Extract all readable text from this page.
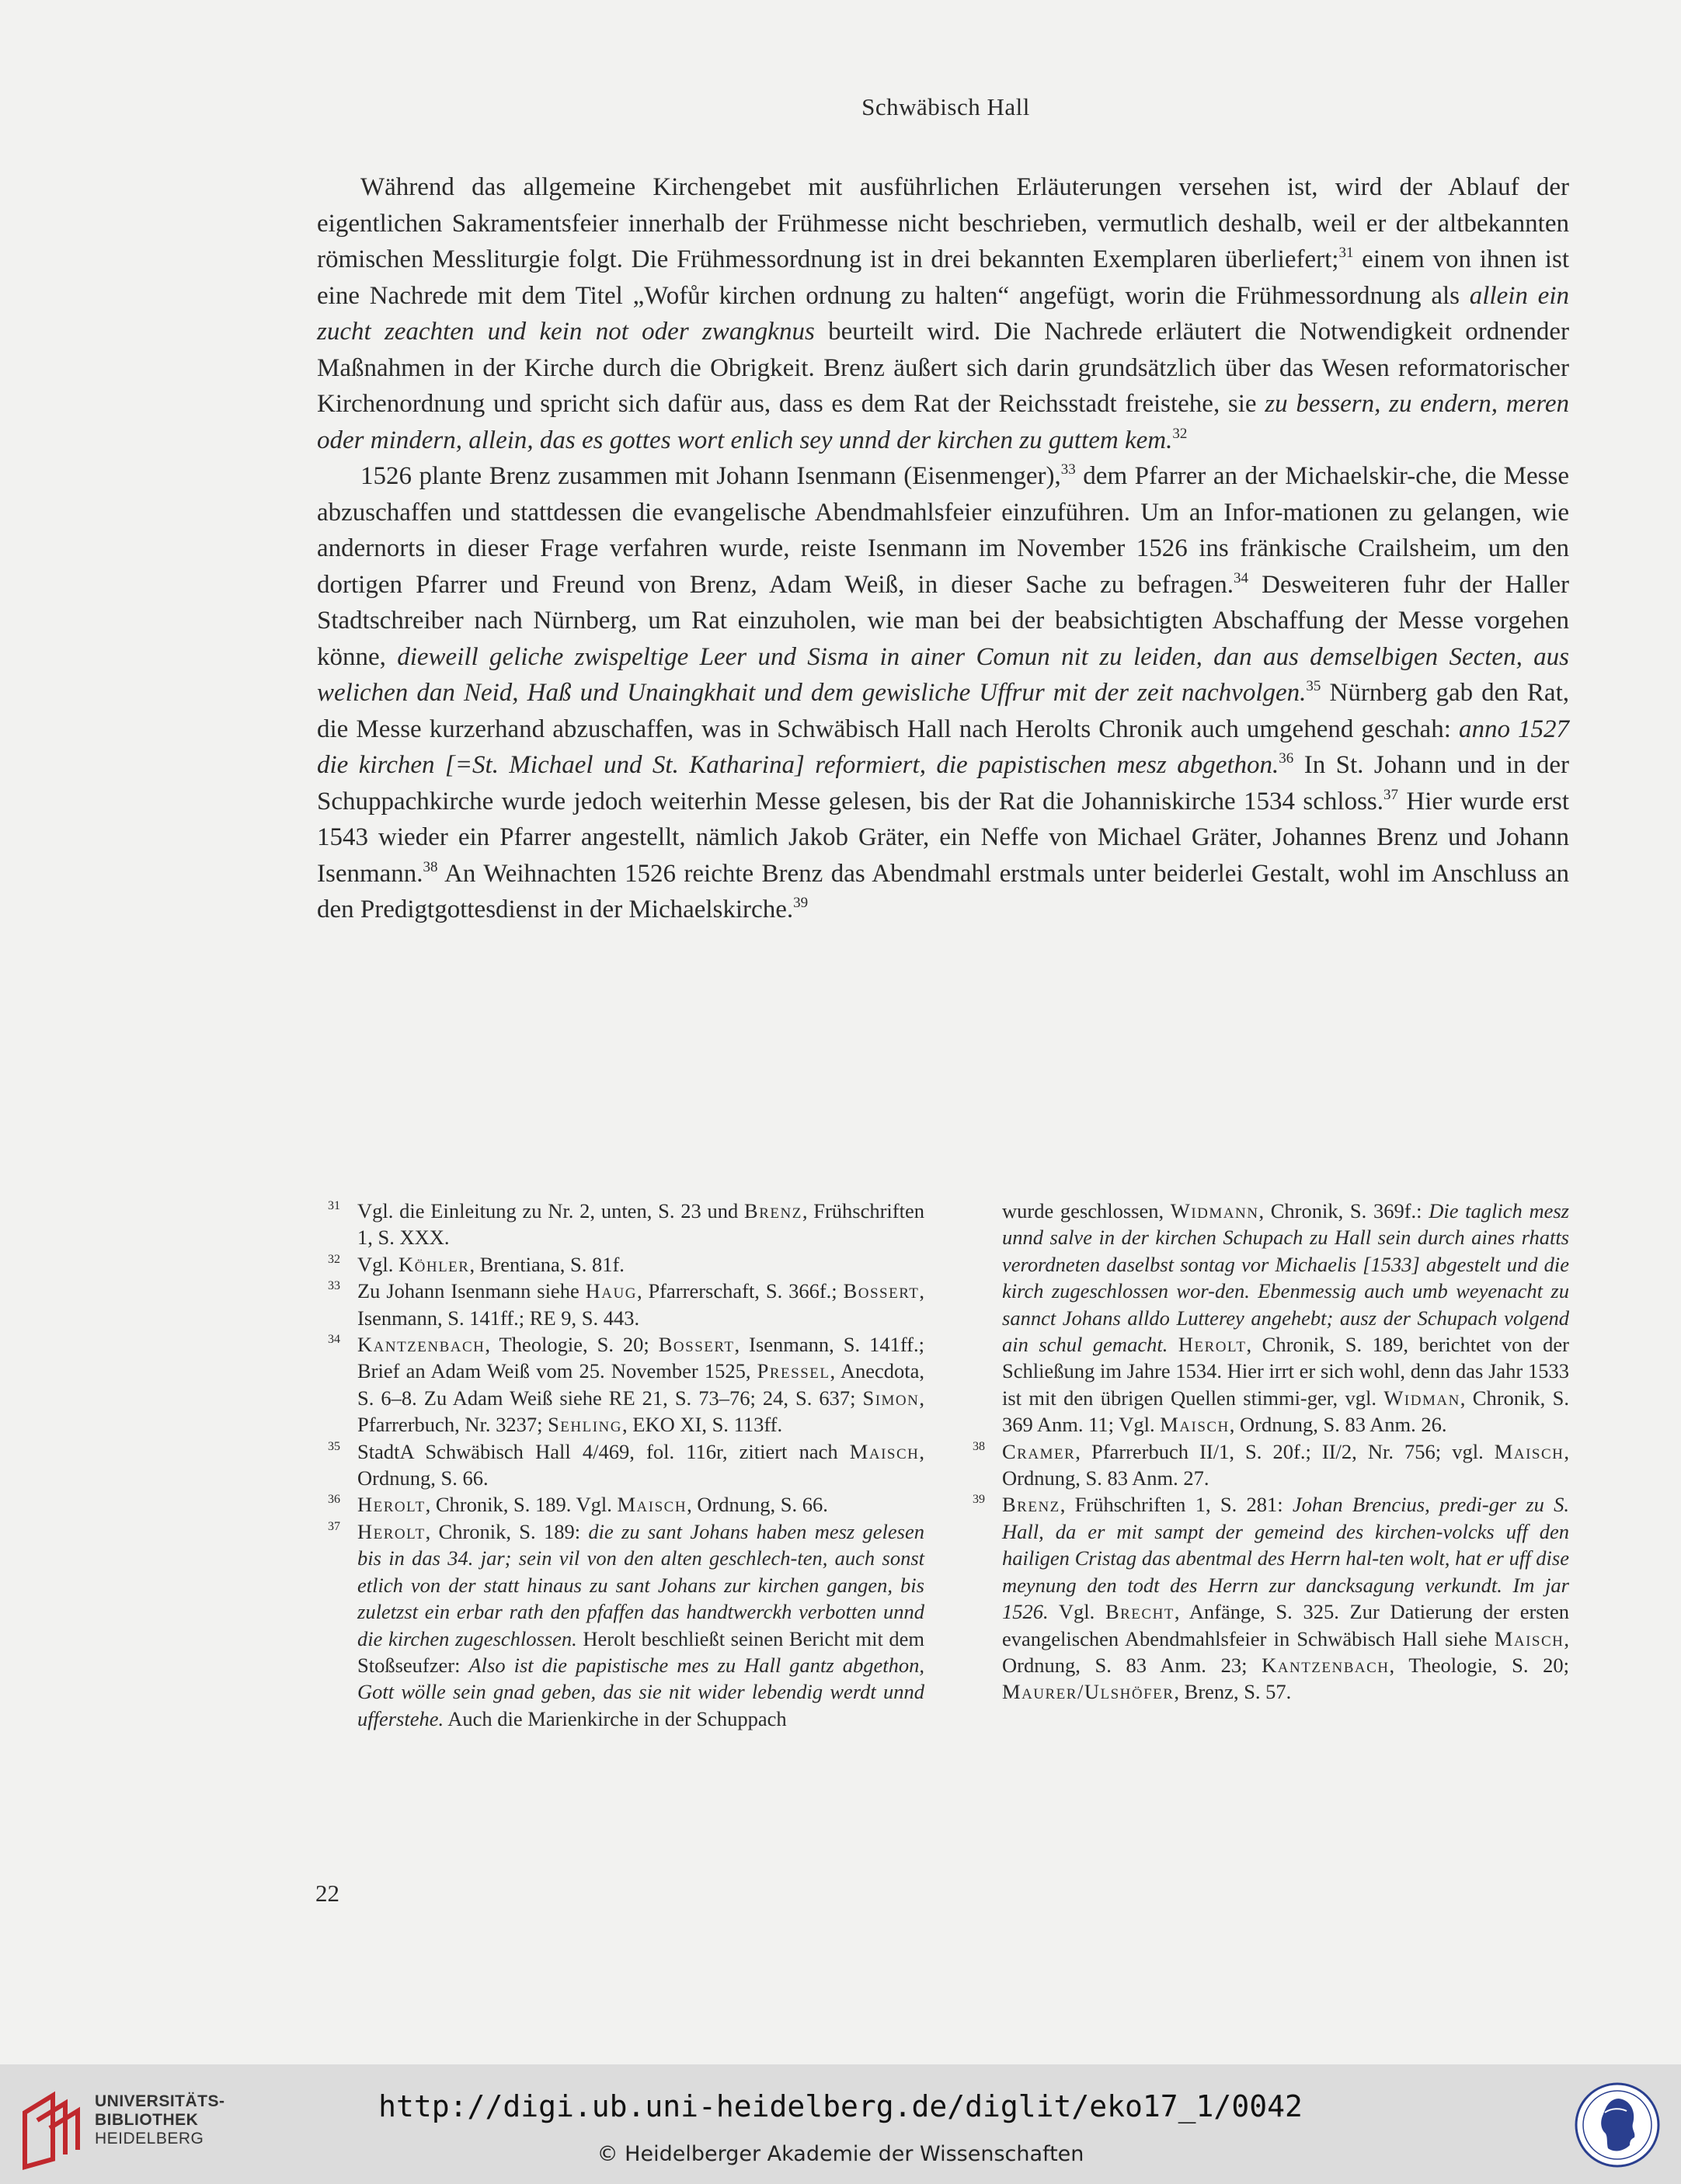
Schwäbisch Hall

Während das allgemeine Kirchengebet mit ausführlichen Erläuterungen versehen ist, wird der Ablauf der eigentlichen Sakramentsfeier innerhalb der Frühmesse nicht beschrieben, vermutlich deshalb, weil er der altbekannten römischen Messliturgie folgt. Die Frühmessordnung ist in drei bekannten Exemplaren überliefert;$^{31}$ einem von ihnen ist eine Nachrede mit dem Titel „Wofůr kirchen ordnung zu halten“ angefügt, worin die Frühmessordnung als allein ein zucht zeachten und kein not oder zwangknus beurteilt wird. Die Nachrede erläutert die Notwendigkeit ordnender Maßnahmen in der Kirche durch die Obrigkeit. Brenz äußert sich darin grundsätzlich über das Wesen reformatorischer Kirchenordnung und spricht sich dafür aus, dass es dem Rat der Reichsstadt freistehe, sie zu bessern, zu endern, meren oder mindern, allein, das es gottes wort enlich sey unnd der kirchen zu guttem kem.$^{32}$

1526 plante Brenz zusammen mit Johann Isenmann (Eisenmenger),$^{33}$ dem Pfarrer an der Michaelskir-che, die Messe abzuschaffen und stattdessen die evangelische Abendmahlsfeier einzuführen. Um an Infor-mationen zu gelangen, wie andernorts in dieser Frage verfahren wurde, reiste Isenmann im November 1526 ins fränkische Crailsheim, um den dortigen Pfarrer und Freund von Brenz, Adam Weiß, in dieser Sache zu befragen.$^{34}$ Desweiteren fuhr der Haller Stadtschreiber nach Nürnberg, um Rat einzuholen, wie man bei der beabsichtigten Abschaffung der Messe vorgehen könne, dieweill geliche zwispeltige Leer und Sisma in ainer Comun nit zu leiden, dan aus demselbigen Secten, aus welichen dan Neid, Haß und Unaingkhait und dem gewisliche Uffrur mit der zeit nachvolgen.$^{35}$ Nürnberg gab den Rat, die Messe kurzerhand abzuschaffen, was in Schwäbisch Hall nach Herolts Chronik auch umgehend geschah: anno 1527 die kirchen [=St. Michael und St. Katharina] reformiert, die papistischen mesz abgethon.$^{36}$ In St. Johann und in der Schuppachkirche wurde jedoch weiterhin Messe gelesen, bis der Rat die Johanniskirche 1534 schloss.$^{37}$ Hier wurde erst 1543 wieder ein Pfarrer angestellt, nämlich Jakob Gräter, ein Neffe von Michael Gräter, Johannes Brenz und Johann Isenmann.$^{38}$ An Weihnachten 1526 reichte Brenz das Abendmahl erstmals unter beiderlei Gestalt, wohl im Anschluss an den Predigtgottesdienst in der Michaelskirche.$^{39}$

31 Vgl. die Einleitung zu Nr. 2, unten, S. 23 und Brenz, Frühschriften 1, S. XXX.

32 Vgl. Köhler, Brentiana, S. 81f.

33 Zu Johann Isenmann siehe Haug, Pfarrerschaft, S. 366f.; Bossert, Isenmann, S. 141ff.; RE 9, S. 443.

34 Kantzenbach, Theologie, S. 20; Bossert, Isenmann, S. 141ff.; Brief an Adam Weiß vom 25. November 1525, Pressel, Anecdota, S. 6–8. Zu Adam Weiß siehe RE 21, S. 73–76; 24, S. 637; Simon, Pfarrerbuch, Nr. 3237; Sehling, EKO XI, S. 113ff.

35 StadtA Schwäbisch Hall 4/469, fol. 116r, zitiert nach Maisch, Ordnung, S. 66.

36 Herolt, Chronik, S. 189. Vgl. Maisch, Ordnung, S. 66.

37 Herolt, Chronik, S. 189: die zu sant Johans haben mesz gelesen bis in das 34. jar; sein vil von den alten geschlech-ten, auch sonst etlich von der statt hinaus zu sant Johans zur kirchen gangen, bis zuletzst ein erbar rath den pfaffen das handtwerckh verbotten unnd die kirchen zugeschlossen. Herolt beschließt seinen Bericht mit dem Stoßseufzer: Also ist die papistische mes zu Hall gantz abgethon, Gott wölle sein gnad geben, das sie nit wider lebendig werdt unnd ufferstehe. Auch die Marienkirche in der Schuppach

wurde geschlossen, Widmann, Chronik, S. 369f.: Die taglich mesz unnd salve in der kirchen Schupach zu Hall sein durch aines rhatts verordneten daselbst sontag vor Michaelis [1533] abgestelt und die kirch zugeschlossen wor-den. Ebenmessig auch umb weyenacht zu sannct Johans alldo Lutterey angehebt; ausz der Schupach volgend ain schul gemacht. Herolt, Chronik, S. 189, berichtet von der Schließung im Jahre 1534. Hier irrt er sich wohl, denn das Jahr 1533 ist mit den übrigen Quellen stimmi-ger, vgl. Widman, Chronik, S. 369 Anm. 11; Vgl. Maisch, Ordnung, S. 83 Anm. 26.

38 Cramer, Pfarrerbuch II/1, S. 20f.; II/2, Nr. 756; vgl. Maisch, Ordnung, S. 83 Anm. 27.

39 Brenz, Frühschriften 1, S. 281: Johan Brencius, predi-ger zu S. Hall, da er mit sampt der gemeind des kirchen-volcks uff den hailigen Cristag das abentmal des Herrn hal-ten wolt, hat er uff dise meynung den todt des Herrn zur dancksagung verkundt. Im jar 1526. Vgl. Brecht, Anfänge, S. 325. Zur Datierung der ersten evangelischen Abendmahlsfeier in Schwäbisch Hall siehe Maisch, Ordnung, S. 83 Anm. 23; Kantzenbach, Theologie, S. 20; Maurer/Ulshöfer, Brenz, S. 57.

22
UNIVERSITÄTS-
BIBLIOTHEK
HEIDELBERG
http://digi.ub.uni-heidelberg.de/diglit/eko17_1/0042
© Heidelberger Akademie der Wissenschaften
